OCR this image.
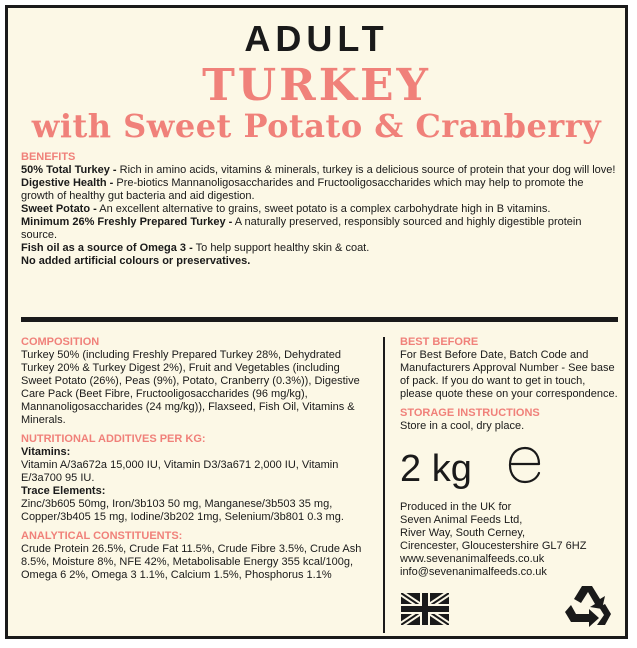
ADULT
TURKEY
with Sweet Potato & Cranberry
BENEFITS
50% Total Turkey - Rich in amino acids, vitamins & minerals, turkey is a delicious source of protein that your dog will love!
Digestive Health - Pre-biotics Mannanoligosaccharides and Fructooligosaccharides which may help to promote the growth of healthy gut bacteria and aid digestion.
Sweet Potato - An excellent alternative to grains, sweet potato is a complex carbohydrate high in B vitamins.
Minimum 26% Freshly Prepared Turkey - A naturally preserved, responsibly sourced and highly digestible protein source.
Fish oil as a source of Omega 3 - To help support healthy skin & coat.
No added artificial colours or preservatives.
COMPOSITION
Turkey 50% (including Freshly Prepared Turkey 28%, Dehydrated Turkey 20% & Turkey Digest 2%), Fruit and Vegetables (including Sweet Potato (26%), Peas (9%), Potato, Cranberry (0.3%)), Digestive Care Pack (Beet Fibre, Fructooligosaccharides (96 mg/kg), Mannanoligosaccharides (24 mg/kg)), Flaxseed, Fish Oil, Vitamins & Minerals.
NUTRITIONAL ADDITIVES PER KG:
Vitamins:
Vitamin A/3a672a 15,000 IU, Vitamin D3/3a671 2,000 IU, Vitamin E/3a700 95 IU.
Trace Elements:
Zinc/3b605 50mg, Iron/3b103 50 mg, Manganese/3b503 35 mg, Copper/3b405 15 mg, Iodine/3b202 1mg, Selenium/3b801 0.3 mg.
ANALYTICAL CONSTITUENTS:
Crude Protein 26.5%, Crude Fat 11.5%, Crude Fibre 3.5%, Crude Ash 8.5%, Moisture 8%, NFE 42%, Metabolisable Energy 355 kcal/100g, Omega 6 2%, Omega 3 1.1%, Calcium 1.5%, Phosphorus 1.1%
BEST BEFORE
For Best Before Date, Batch Code and Manufacturers Approval Number - See base of pack. If you do want to get in touch, please quote these on your correspondence.
STORAGE INSTRUCTIONS
Store in a cool, dry place.
2 kg
Produced in the UK for
Seven Animal Feeds Ltd,
River Way, South Cerney,
Cirencester, Gloucestershire GL7 6HZ
www.sevenanimalfeeds.co.uk
info@sevenanimalfeeds.co.uk
